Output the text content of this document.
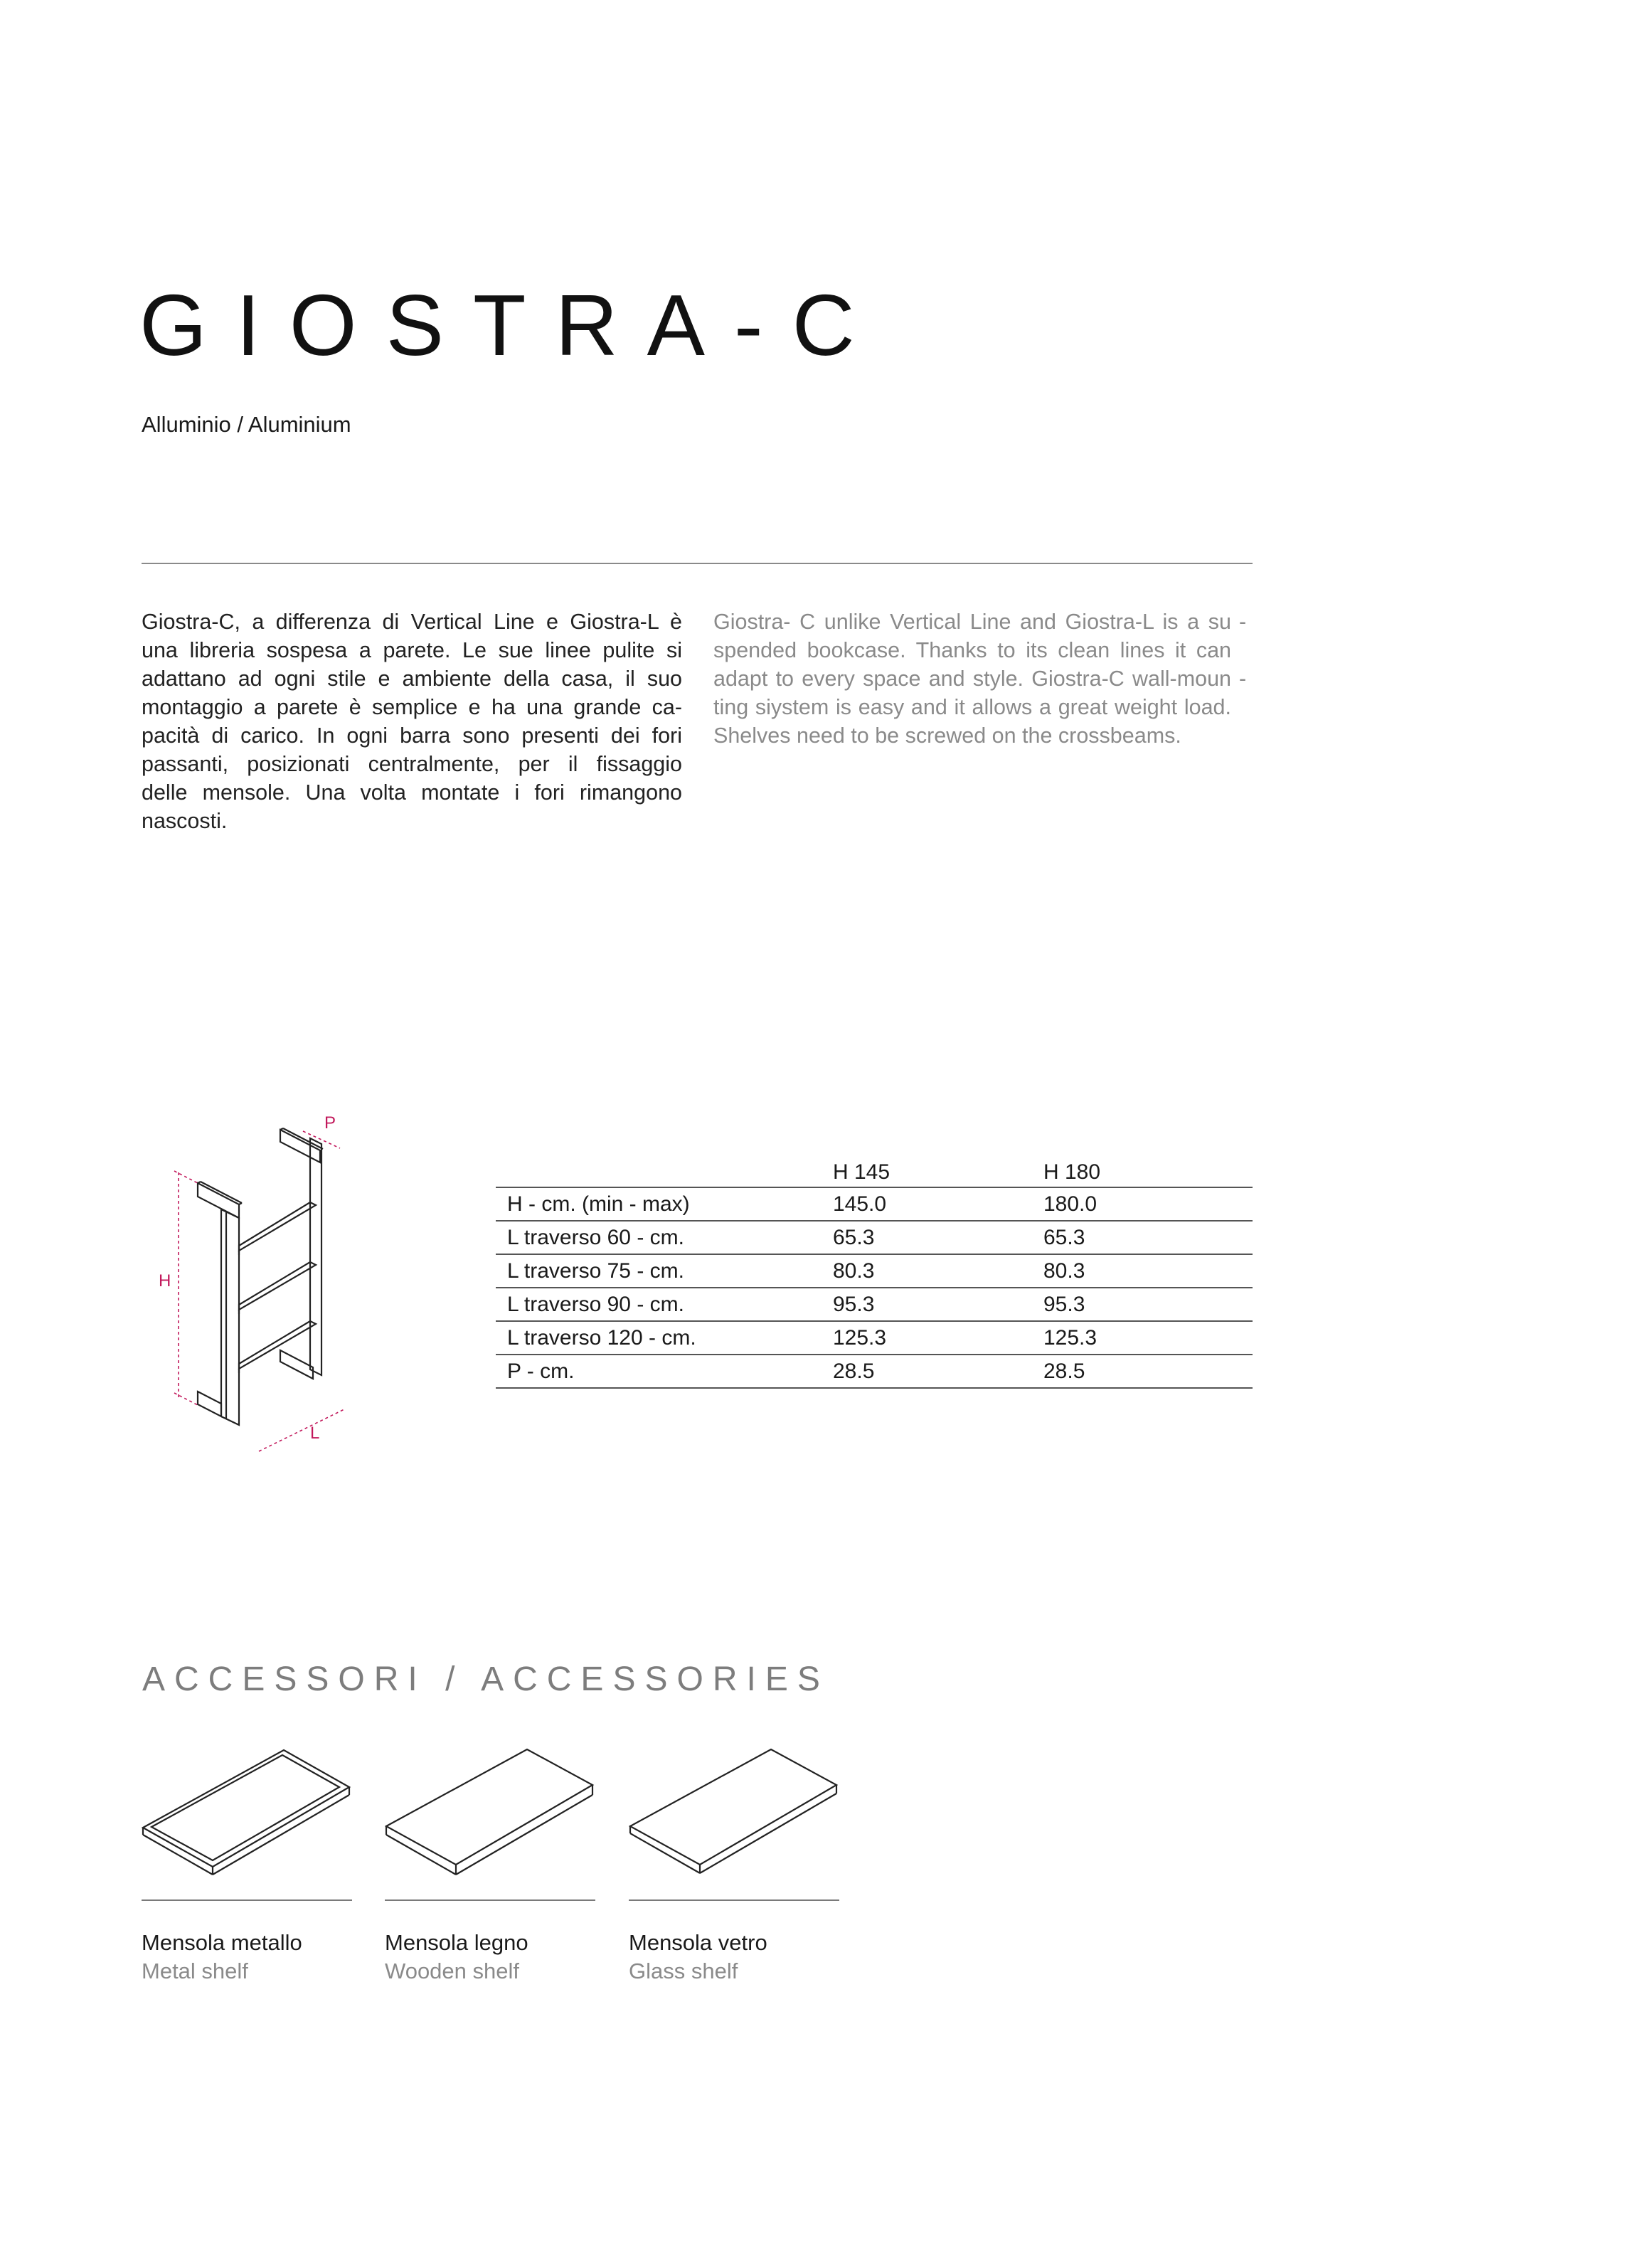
GIOSTRA-C
Alluminio / Aluminium
Giostra-C, a differenza di Vertical Line e Giostra-L è
una libreria sospesa a parete. Le sue linee pulite si
adattano ad ogni stile e ambiente della casa, il suo
montaggio a parete è semplice e ha una grande ca-
pacità di carico. In ogni barra sono presenti dei fori
passanti, posizionati centralmente, per il fissaggio
delle mensole. Una volta montate i fori rimangono
nascosti.
Giostra- C unlike Vertical Line and Giostra-L is a su
spended bookcase. Thanks to its clean lines it can
adapt to every space and style. Giostra-C wall-moun
ting siystem is easy and it allows a great weight load.
Shelves need to be screwed on the crossbeams.
-
-
H
L
P
	H 145	H 180
H - cm. (min - max)	145.0	180.0
L traverso 60 - cm.	65.3	65.3
L traverso 75 - cm.	80.3	80.3
L traverso 90 - cm.	95.3	95.3
L traverso 120 - cm.	125.3	125.3
P - cm.	28.5	28.5
ACCESSORI / ACCESSORIES
Mensola metallo
Metal shelf
Mensola legno
Wooden shelf
Mensola vetro
Glass shelf
